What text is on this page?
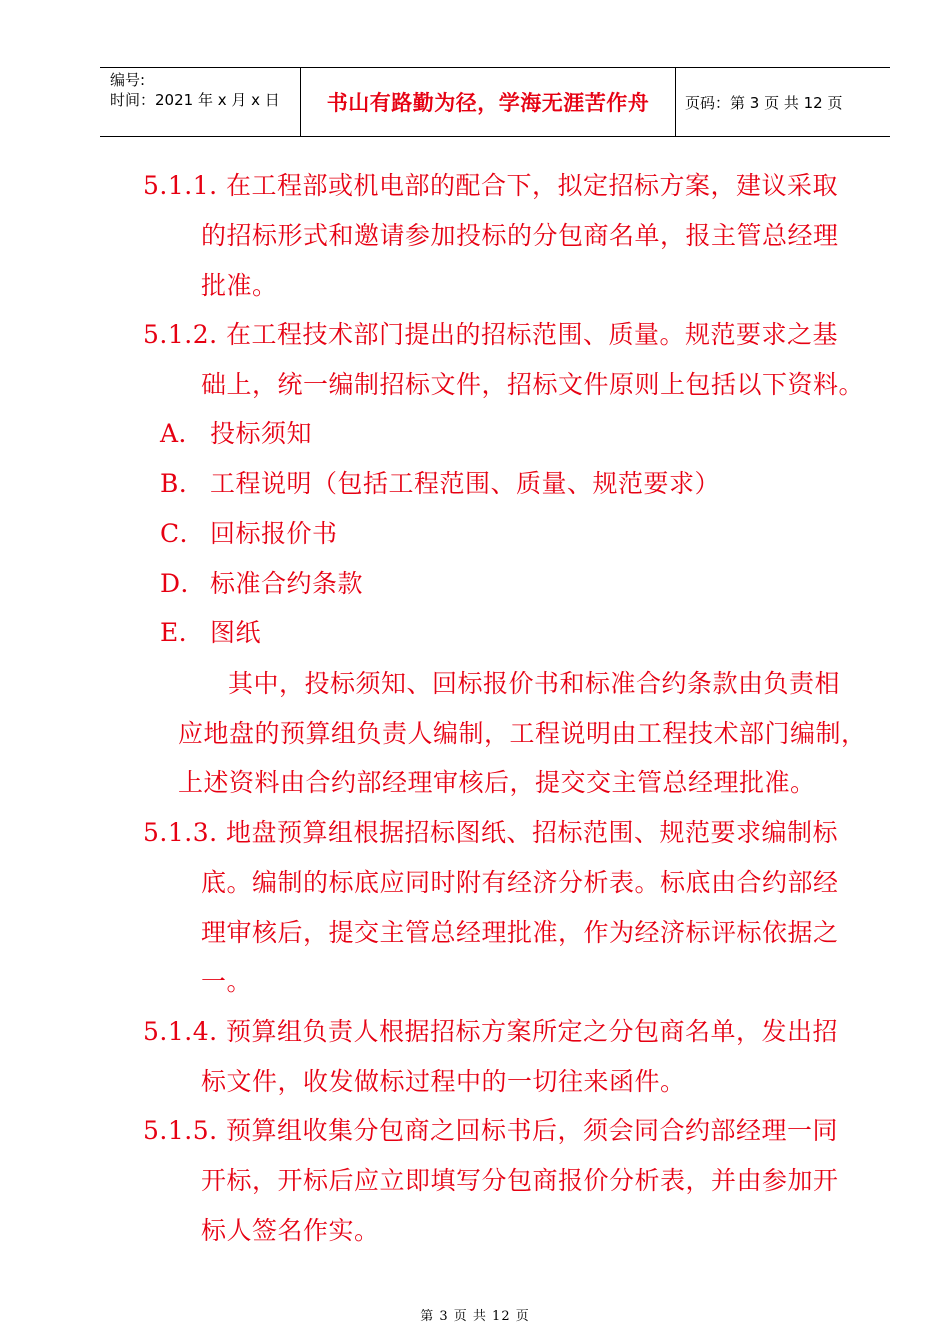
编号:
时间：2021 年 x 月 x 日	书山有路勤为径，学海无涯苦作舟	页码：第 3 页 共 12 页
5.1.1. 在工程部或机电部的配合下，拟定招标方案，建议采取
的招标形式和邀请参加投标的分包商名单，报主管总经理
批准。
5.1.2. 在工程技术部门提出的招标范围、质量。规范要求之基
础上，统一编制招标文件，招标文件原则上包括以下资料。
A． 投标须知
B． 工程说明（包括工程范围、质量、规范要求）
C． 回标报价书
D． 标准合约条款
E． 图纸
其中，投标须知、回标报价书和标准合约条款由负责相
应地盘的预算组负责人编制，工程说明由工程技术部门编制，
上述资料由合约部经理审核后，提交交主管总经理批准。
5.1.3. 地盘预算组根据招标图纸、招标范围、规范要求编制标
底。编制的标底应同时附有经济分析表。标底由合约部经
理审核后，提交主管总经理批准，作为经济标评标依据之
一。
5.1.4. 预算组负责人根据招标方案所定之分包商名单，发出招
标文件，收发做标过程中的一切往来函件。
5.1.5. 预算组收集分包商之回标书后，须会同合约部经理一同
开标，开标后应立即填写分包商报价分析表，并由参加开
标人签名作实。
第 3 页 共 12 页
